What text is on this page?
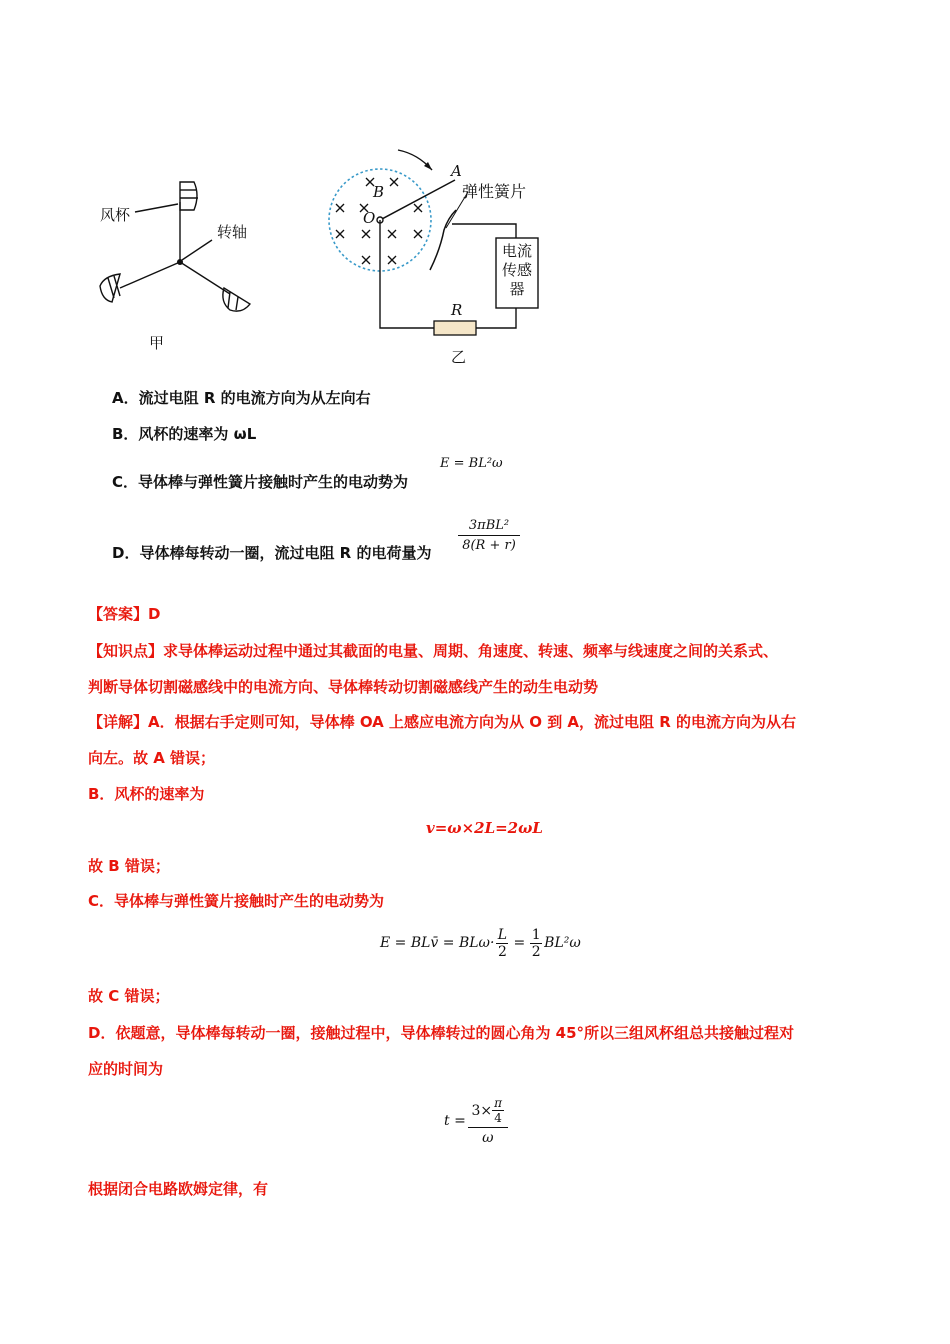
风杯
转轴
甲
A
B
O
弹性簧片
电流
传感
器
R
乙
A．流过电阻 R 的电流方向为从左向右
B．风杯的速率为 ωL
C．导体棒与弹性簧片接触时产生的电动势为
E = BL²ω
D．导体棒每转动一圈，流过电阻 R 的电荷量为
3πBL²
8(R + r)
【答案】D
【知识点】求导体棒运动过程中通过其截面的电量、周期、角速度、转速、频率与线速度之间的关系式、
判断导体切割磁感线中的电流方向、导体棒转动切割磁感线产生的动生电动势
【详解】A．根据右手定则可知，导体棒 OA 上感应电流方向为从 O 到 A，流过电阻 R 的电流方向为从右
向左。故 A 错误；
B．风杯的速率为
v=ω×2L=2ωL
故 B 错误；
C．导体棒与弹性簧片接触时产生的电动势为
E = BLv̄ = BLω·
L
2
=
1
2
BL²ω
故 C 错误；
D．依题意，导体棒每转动一圈，接触过程中，导体棒转过的圆心角为 45°所以三组风杯组总共接触过程对
应的时间为
t =
3× π
4
ω
根据闭合电路欧姆定律，有
